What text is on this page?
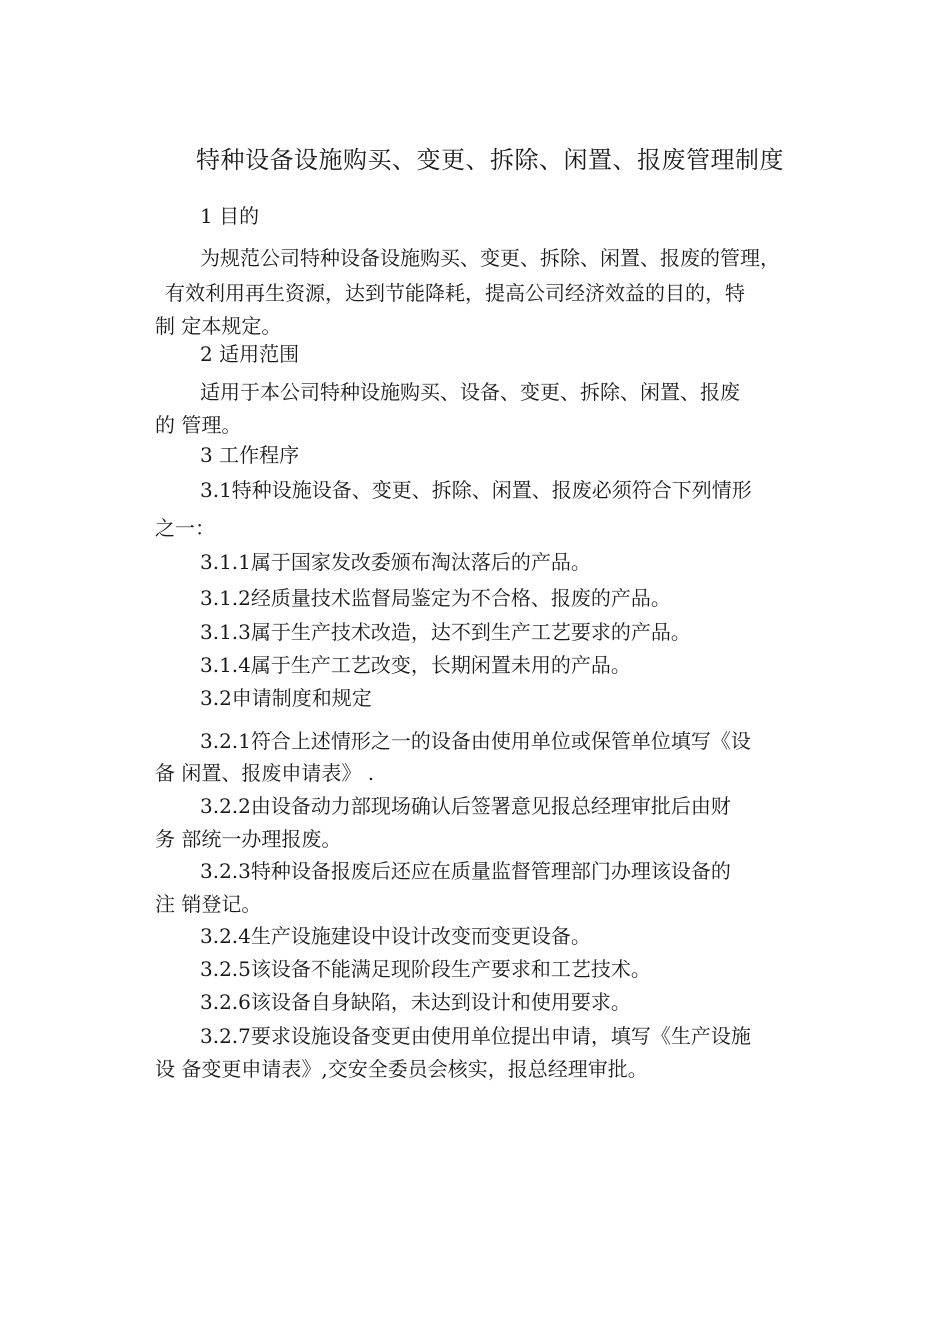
特种设备设施购买、变更、拆除、闲置、报废管理制度
1 目的
为规范公司特种设备设施购买、变更、拆除、闲置、报废的管理，
有效利用再生资源，达到节能降耗，提高公司经济效益的目的，特
制 定本规定。
2 适用范围
适用于本公司特种设施购买、设备、变更、拆除、闲置、报废
的 管理。
3 工作程序
3.1特种设施设备、变更、拆除、闲置、报废必须符合下列情形
之一：
3.1.1属于国家发改委颁布淘汰落后的产品。
3.1.2经质量技术监督局鉴定为不合格、报废的产品。
3.1.3属于生产技术改造，达不到生产工艺要求的产品。
3.1.4属于生产工艺改变，长期闲置未用的产品。
3.2申请制度和规定
3.2.1符合上述情形之一的设备由使用单位或保管单位填写《设
备 闲置、报废申请表》 .
3.2.2由设备动力部现场确认后签署意见报总经理审批后由财
务 部统一办理报废。
3.2.3特种设备报废后还应在质量监督管理部门办理该设备的
注 销登记。
3.2.4生产设施建设中设计改变而变更设备。
3.2.5该设备不能满足现阶段生产要求和工艺技术。
3.2.6该设备自身缺陷，未达到设计和使用要求。
3.2.7要求设施设备变更由使用单位提出申请，填写《生产设施
设 备变更申请表》,交安全委员会核实，报总经理审批。
